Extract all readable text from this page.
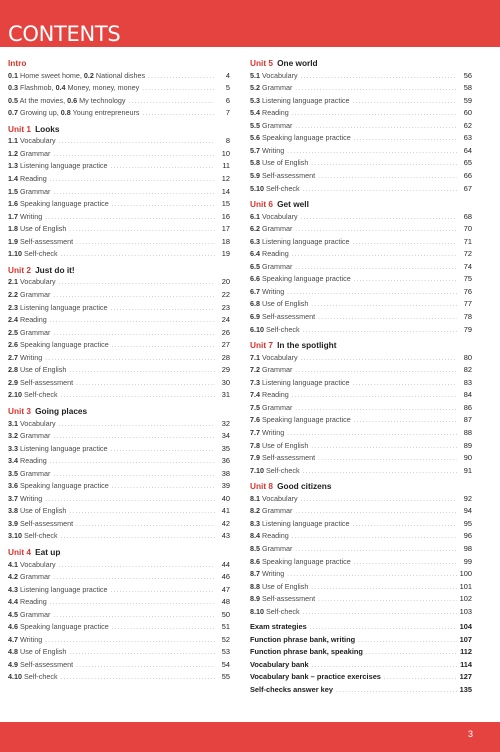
CONTENTS
Intro
0.1 Home sweet home, 0.2 National dishes .....	4
0.3 Flashmob, 0.4 Money, money, money .....	5
0.5 At the movies, 0.6 My technology .....	6
0.7 Growing up, 0.8 Young entrepreneurs .....	7
Unit 1 Looks
1.1 Vocabulary .....	8
1.2 Grammar .....	10
1.3 Listening language practice .....	11
1.4 Reading .....	12
1.5 Grammar .....	14
1.6 Speaking language practice .....	15
1.7 Writing .....	16
1.8 Use of English .....	17
1.9 Self-assessment .....	18
1.10 Self-check .....	19
Unit 2 Just do it!
2.1 Vocabulary .....	20
2.2 Grammar .....	22
2.3 Listening language practice .....	23
2.4 Reading .....	24
2.5 Grammar .....	26
2.6 Speaking language practice .....	27
2.7 Writing .....	28
2.8 Use of English .....	29
2.9 Self-assessment .....	30
2.10 Self-check .....	31
Unit 3 Going places
3.1 Vocabulary .....	32
3.2 Grammar .....	34
3.3 Listening language practice .....	35
3.4 Reading .....	36
3.5 Grammar .....	38
3.6 Speaking language practice .....	39
3.7 Writing .....	40
3.8 Use of English .....	41
3.9 Self-assessment .....	42
3.10 Self-check .....	43
Unit 4 Eat up
4.1 Vocabulary .....	44
4.2 Grammar .....	46
4.3 Listening language practice .....	47
4.4 Reading .....	48
4.5 Grammar .....	50
4.6 Speaking language practice .....	51
4.7 Writing .....	52
4.8 Use of English .....	53
4.9 Self-assessment .....	54
4.10 Self-check .....	55
Unit 5 One world
5.1 Vocabulary .....	56
5.2 Grammar .....	58
5.3 Listening language practice .....	59
5.4 Reading .....	60
5.5 Grammar .....	62
5.6 Speaking language practice .....	63
5.7 Writing .....	64
5.8 Use of English .....	65
5.9 Self-assessment .....	66
5.10 Self-check .....	67
Unit 6 Get well
6.1 Vocabulary .....	68
6.2 Grammar .....	70
6.3 Listening language practice .....	71
6.4 Reading .....	72
6.5 Grammar .....	74
6.6 Speaking language practice .....	75
6.7 Writing .....	76
6.8 Use of English .....	77
6.9 Self-assessment .....	78
6.10 Self-check .....	79
Unit 7 In the spotlight
7.1 Vocabulary .....	80
7.2 Grammar .....	82
7.3 Listening language practice .....	83
7.4 Reading .....	84
7.5 Grammar .....	86
7.6 Speaking language practice .....	87
7.7 Writing .....	88
7.8 Use of English .....	89
7.9 Self-assessment .....	90
7.10 Self-check .....	91
Unit 8 Good citizens
8.1 Vocabulary .....	92
8.2 Grammar .....	94
8.3 Listening language practice .....	95
8.4 Reading .....	96
8.5 Grammar .....	98
8.6 Speaking language practice .....	99
8.7 Writing .....	100
8.8 Use of English .....	101
8.9 Self-assessment .....	102
8.10 Self-check .....	103
Exam strategies .....	104
Function phrase bank, writing .....	107
Function phrase bank, speaking .....	112
Vocabulary bank .....	114
Vocabulary bank – practice exercises .....	127
Self-checks answer key .....	135
3
